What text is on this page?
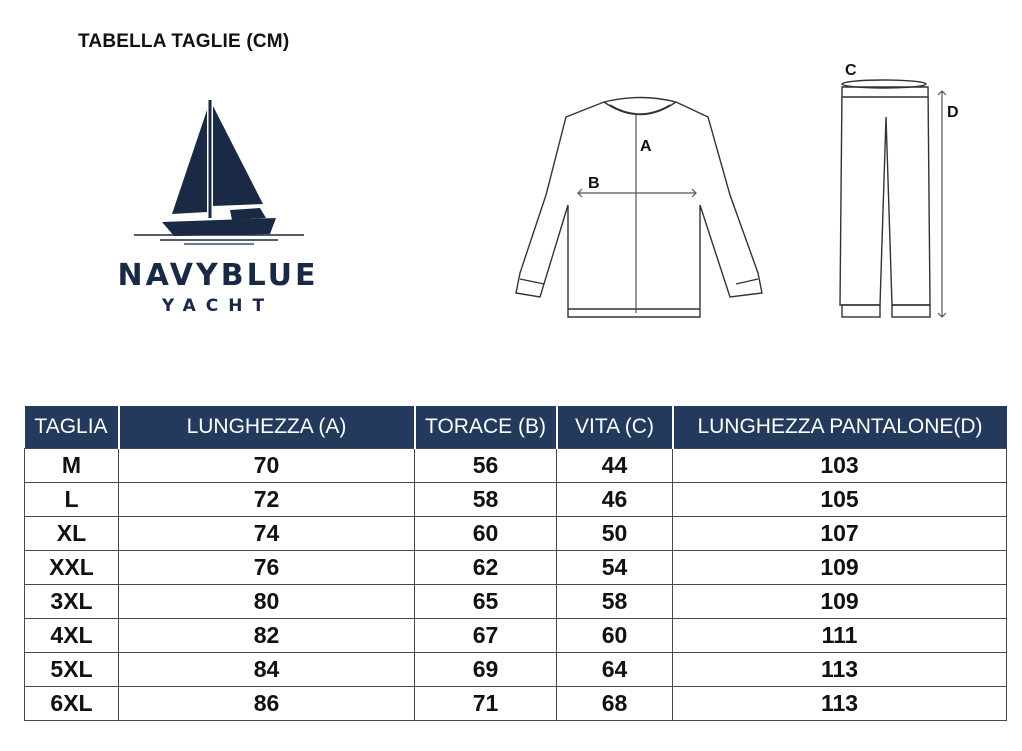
TABELLA TAGLIE (CM)
NAVYBLUE
YACHT
A
B
C
D
TAGLIA	LUNGHEZZA (A)	TORACE (B)	VITA (C)	LUNGHEZZA PANTALONE(D)
M	70	56	44	103
L	72	58	46	105
XL	74	60	50	107
XXL	76	62	54	109
3XL	80	65	58	109
4XL	82	67	60	111
5XL	84	69	64	113
6XL	86	71	68	113
